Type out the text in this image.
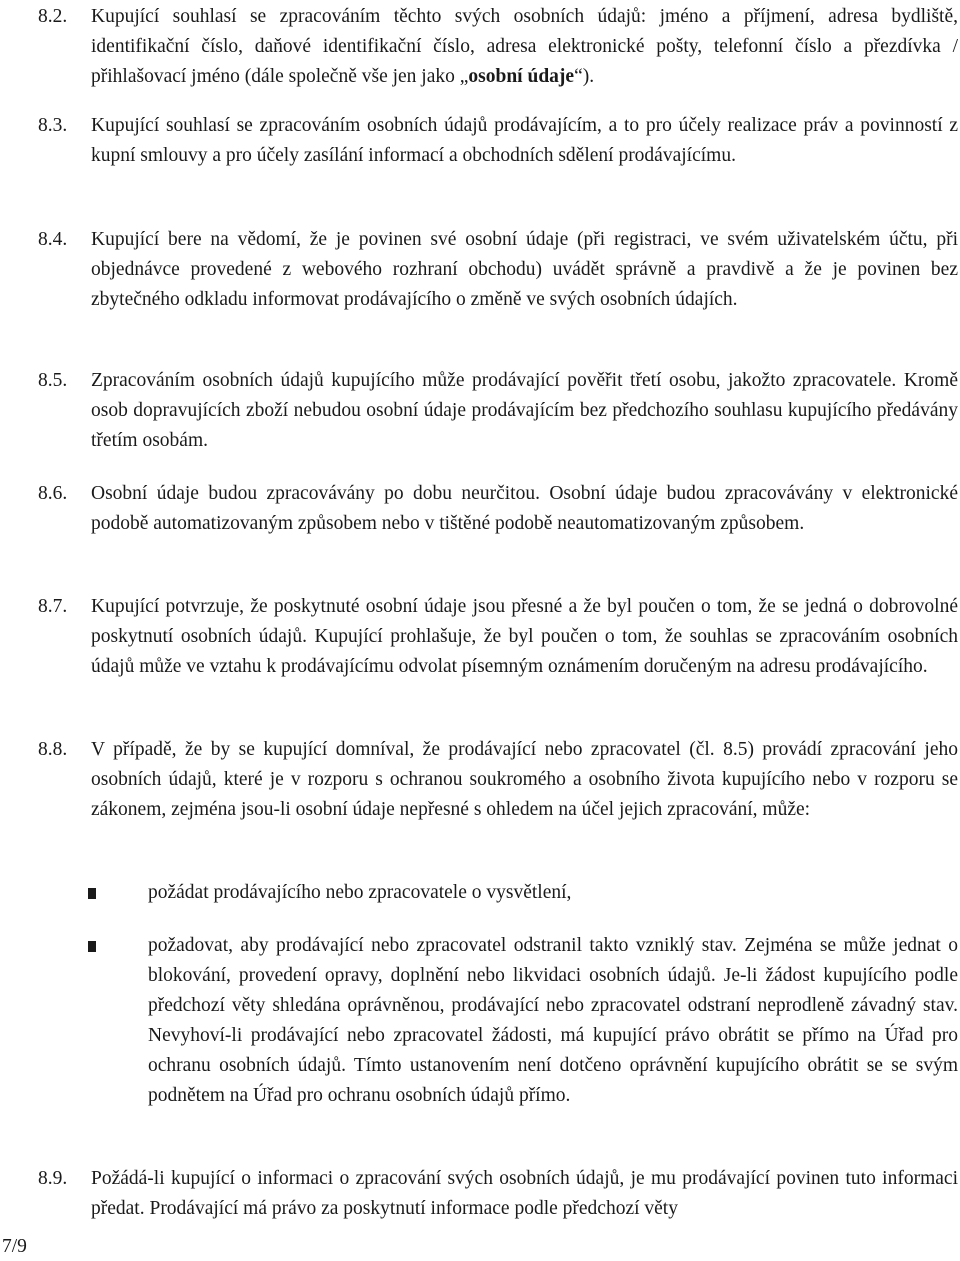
8.2. Kupující souhlasí se zpracováním těchto svých osobních údajů: jméno a příjmení, adresa bydliště, identifikační číslo, daňové identifikační číslo, adresa elektronické pošty, telefonní číslo a přezdívka / přihlašovací jméno (dále společně vše jen jako „osobní údaje“).
8.3. Kupující souhlasí se zpracováním osobních údajů prodávajícím, a to pro účely realizace práv a povinností z kupní smlouvy a pro účely zasílání informací a obchodních sdělení prodávajícímu.
8.4. Kupující bere na vědomí, že je povinen své osobní údaje (při registraci, ve svém uživatelském účtu, při objednávce provedené z webového rozhraní obchodu) uvádět správně a pravdivě a že je povinen bez zbytečného odkladu informovat prodávajícího o změně ve svých osobních údajích.
8.5. Zpracováním osobních údajů kupujícího může prodávající pověřit třetí osobu, jakožto zpracovatele. Kromě osob dopravujících zboží nebudou osobní údaje prodávajícím bez předchozího souhlasu kupujícího předávány třetím osobám.
8.6. Osobní údaje budou zpracovávány po dobu neurčitou. Osobní údaje budou zpracovávány v elektronické podobě automatizovaným způsobem nebo v tištěné podobě neautomatizovaným způsobem.
8.7. Kupující potvrzuje, že poskytnuté osobní údaje jsou přesné a že byl poučen o tom, že se jedná o dobrovolné poskytnutí osobních údajů. Kupující prohlašuje, že byl poučen o tom, že souhlas se zpracováním osobních údajů může ve vztahu k prodávajícímu odvolat písemným oznámením doručeným na adresu prodávajícího.
8.8. V případě, že by se kupující domníval, že prodávající nebo zpracovatel (čl. 8.5) provádí zpracování jeho osobních údajů, které je v rozporu s ochranou soukromého a osobního života kupujícího nebo v rozporu se zákonem, zejména jsou-li osobní údaje nepřesné s ohledem na účel jejich zpracování, může:
požádat prodávajícího nebo zpracovatele o vysvětlení,
požadovat, aby prodávající nebo zpracovatel odstranil takto vzniklý stav. Zejména se může jednat o blokování, provedení opravy, doplnění nebo likvidaci osobních údajů. Je-li žádost kupujícího podle předchozí věty shledána oprávněnou, prodávající nebo zpracovatel odstraní neprodleně závadný stav. Nevyhoví-li prodávající nebo zpracovatel žádosti, má kupující právo obrátit se přímo na Úřad pro ochranu osobních údajů. Tímto ustanovením není dotčeno oprávnění kupujícího obrátit se se svým podnětem na Úřad pro ochranu osobních údajů přímo.
8.9. Požádá-li kupující o informaci o zpracování svých osobních údajů, je mu prodávající povinen tuto informaci předat. Prodávající má právo za poskytnutí informace podle předchozí věty
7/9
